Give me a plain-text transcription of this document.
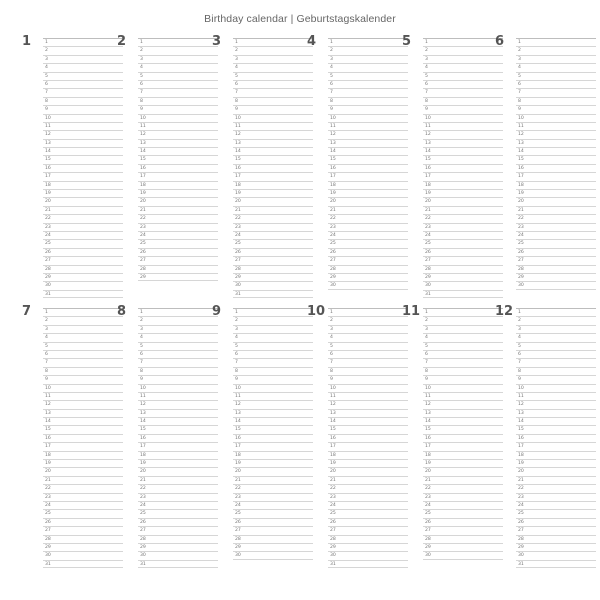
Birthday calendar | Geburtstagskalender
1	1
2
3
4
5
6
7
8
9
10
11
12
13
14
15
16
17
18
19
20
21
22
23
24
25
26
27
28
29
30
31
2	1
2
3
4
5
6
7
8
9
10
11
12
13
14
15
16
17
18
19
20
21
22
23
24
25
26
27
28
29
3	1
2
3
4
5
6
7
8
9
10
11
12
13
14
15
16
17
18
19
20
21
22
23
24
25
26
27
28
29
30
31
4	1
2
3
4
5
6
7
8
9
10
11
12
13
14
15
16
17
18
19
20
21
22
23
24
25
26
27
28
29
30
5	1
2
3
4
5
6
7
8
9
10
11
12
13
14
15
16
17
18
19
20
21
22
23
24
25
26
27
28
29
30
31
6	1
2
3
4
5
6
7
8
9
10
11
12
13
14
15
16
17
18
19
20
21
22
23
24
25
26
27
28
29
30
7	1
2
3
4
5
6
7
8
9
10
11
12
13
14
15
16
17
18
19
20
21
22
23
24
25
26
27
28
29
30
31
8	1
2
3
4
5
6
7
8
9
10
11
12
13
14
15
16
17
18
19
20
21
22
23
24
25
26
27
28
29
30
31
9	1
2
3
4
5
6
7
8
9
10
11
12
13
14
15
16
17
18
19
20
21
22
23
24
25
26
27
28
29
30
10 1
2
3
4
5
6
7
8
9
10
11
12
13
14
15
16
17
18
19
20
21
22
23
24
25
26
27
28
29
30
31
11 1
2
3
4
5
6
7
8
9
10
11
12
13
14
15
16
17
18
19
20
21
22
23
24
25
26
27
28
29
30
12 1
2
3
4
5
6
7
8
9
10
11
12
13
14
15
16
17
18
19
20
21
22
23
24
25
26
27
28
29
30
31
